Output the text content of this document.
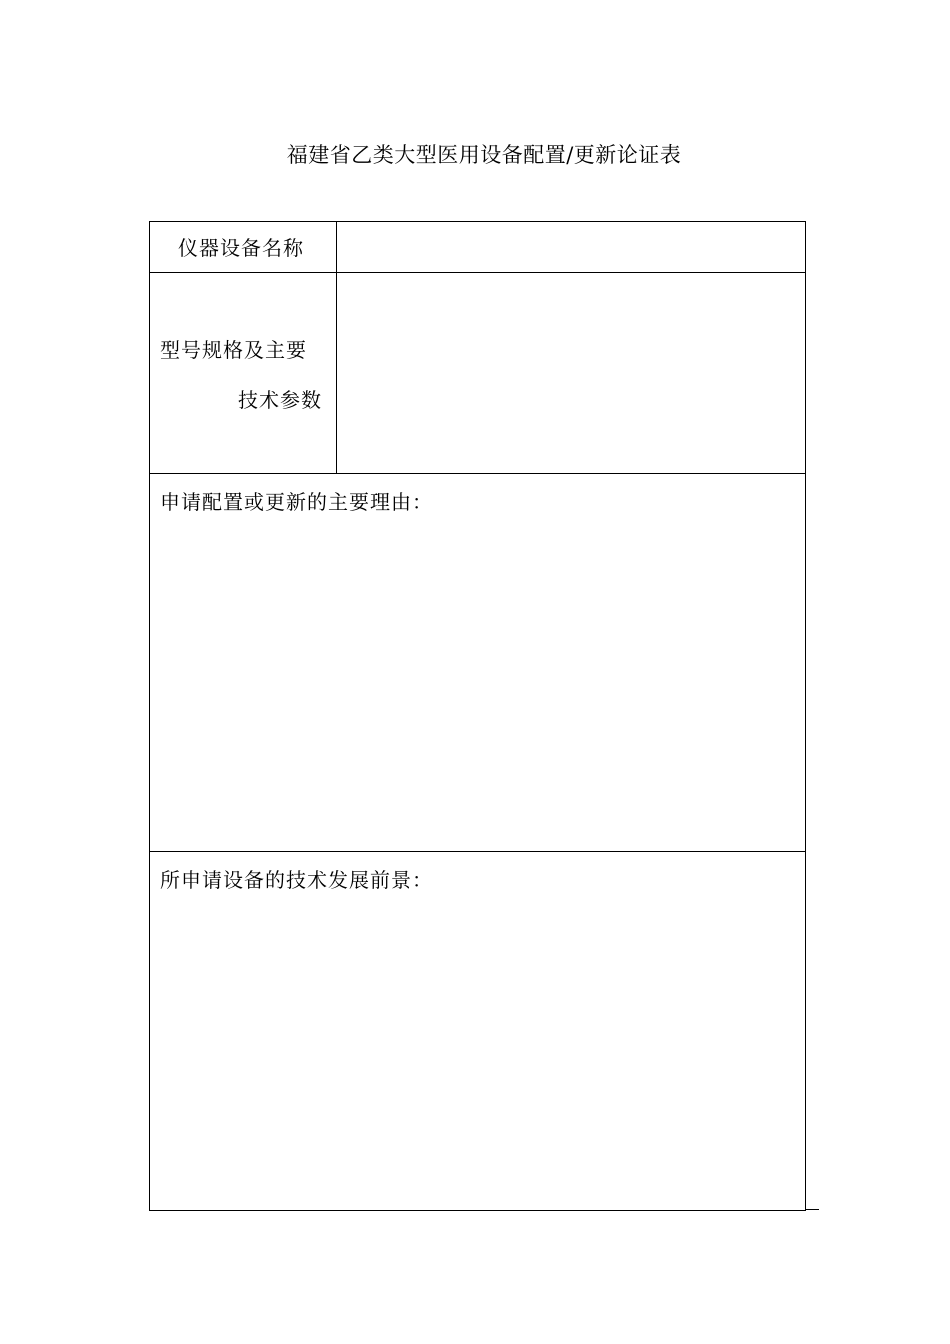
福建省乙类大型医用设备配置/更新论证表
仪器设备名称
型号规格及主要
技术参数
申请配置或更新的主要理由：
所申请设备的技术发展前景：
